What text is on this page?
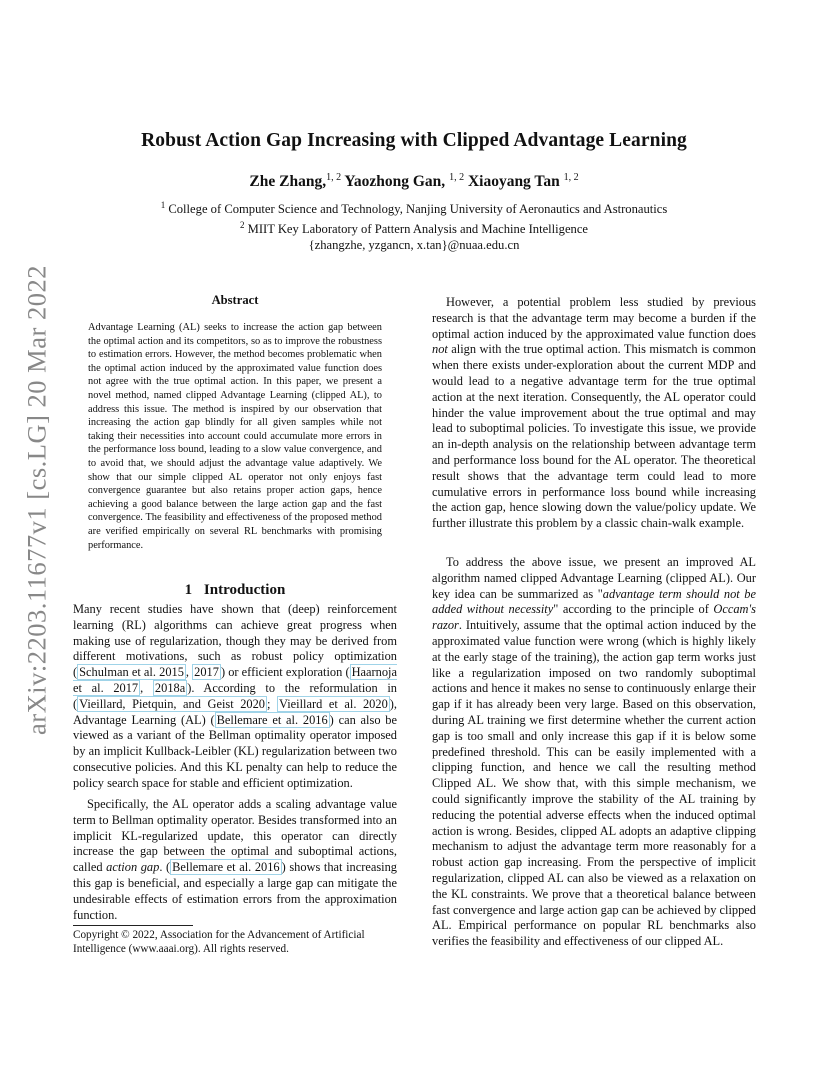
arXiv:2203.11677v1 [cs.LG] 20 Mar 2022
Robust Action Gap Increasing with Clipped Advantage Learning
Zhe Zhang,$^{1, 2}$ Yaozhong Gan, $^{1, 2}$ Xiaoyang Tan $^{1, 2}$
$^1$ College of Computer Science and Technology, Nanjing University of Aeronautics and Astronautics
$^2$ MIIT Key Laboratory of Pattern Analysis and Machine Intelligence
{zhangzhe, yzgancn, x.tan}@nuaa.edu.cn
Abstract
Advantage Learning (AL) seeks to increase the action gap between the optimal action and its competitors, so as to improve the robustness to estimation errors. However, the method becomes problematic when the optimal action induced by the approximated value function does not agree with the true optimal action. In this paper, we present a novel method, named clipped Advantage Learning (clipped AL), to address this issue. The method is inspired by our observation that increasing the action gap blindly for all given samples while not taking their necessities into account could accumulate more errors in the performance loss bound, leading to a slow value convergence, and to avoid that, we should adjust the advantage value adaptively. We show that our simple clipped AL operator not only enjoys fast convergence guarantee but also retains proper action gaps, hence achieving a good balance between the large action gap and the fast convergence. The feasibility and effectiveness of the proposed method are verified empirically on several RL benchmarks with promising performance.
1 Introduction
Many recent studies have shown that (deep) reinforcement learning (RL) algorithms can achieve great progress when making use of regularization, though they may be derived from different motivations, such as robust policy optimization ( Schulman et al. 2015 , 2017 ) or efficient exploration ( Haarnoja et al. 2017 , 2018a ). According to the reformulation in ( Vieillard, Pietquin, and Geist 2020 ; Vieillard et al. 2020 ), Advantage Learning (AL) ( Bellemare et al. 2016 ) can also be viewed as a variant of the Bellman optimality operator imposed by an implicit Kullback-Leibler (KL) regularization between two consecutive policies. And this KL penalty can help to reduce the policy search space for stable and efficient optimization.
Specifically, the AL operator adds a scaling advantage value term to Bellman optimality operator. Besides transformed into an implicit KL-regularized update, this operator can directly increase the gap between the optimal and suboptimal actions, called action gap. ( Bellemare et al. 2016 ) shows that increasing this gap is beneficial, and especially a large gap can mitigate the undesirable effects of estimation errors from the approximation function.
Copyright © 2022, Association for the Advancement of Artificial Intelligence (www.aaai.org). All rights reserved.
However, a potential problem less studied by previous research is that the advantage term may become a burden if the optimal action induced by the approximated value function does not align with the true optimal action. This mismatch is common when there exists under-exploration about the current MDP and would lead to a negative advantage term for the true optimal action at the next iteration. Consequently, the AL operator could hinder the value improvement about the true optimal and may lead to suboptimal policies. To investigate this issue, we provide an in-depth analysis on the relationship between advantage term and performance loss bound for the AL operator. The theoretical result shows that the advantage term could lead to more cumulative errors in performance loss bound while increasing the action gap, hence slowing down the value/policy update. We further illustrate this problem by a classic chain-walk example.
To address the above issue, we present an improved AL algorithm named clipped Advantage Learning (clipped AL). Our key idea can be summarized as "advantage term should not be added without necessity" according to the principle of Occam's razor. Intuitively, assume that the optimal action induced by the approximated value function were wrong (which is highly likely at the early stage of the training), the action gap term works just like a regularization imposed on two randomly suboptimal actions and hence it makes no sense to continuously enlarge their gap if it has already been very large. Based on this observation, during AL training we first determine whether the current action gap is too small and only increase this gap if it is below some predefined threshold. This can be easily implemented with a clipping function, and hence we call the resulting method Clipped AL. We show that, with this simple mechanism, we could significantly improve the stability of the AL training by reducing the potential adverse effects when the induced optimal action is wrong. Besides, clipped AL adopts an adaptive clipping mechanism to adjust the advantage term more reasonably for a robust action gap increasing. From the perspective of implicit regularization, clipped AL can also be viewed as a relaxation on the KL constraints. We prove that a theoretical balance between fast convergence and large action gap can be achieved by clipped AL. Empirical performance on popular RL benchmarks also verifies the feasibility and effectiveness of our clipped AL.
